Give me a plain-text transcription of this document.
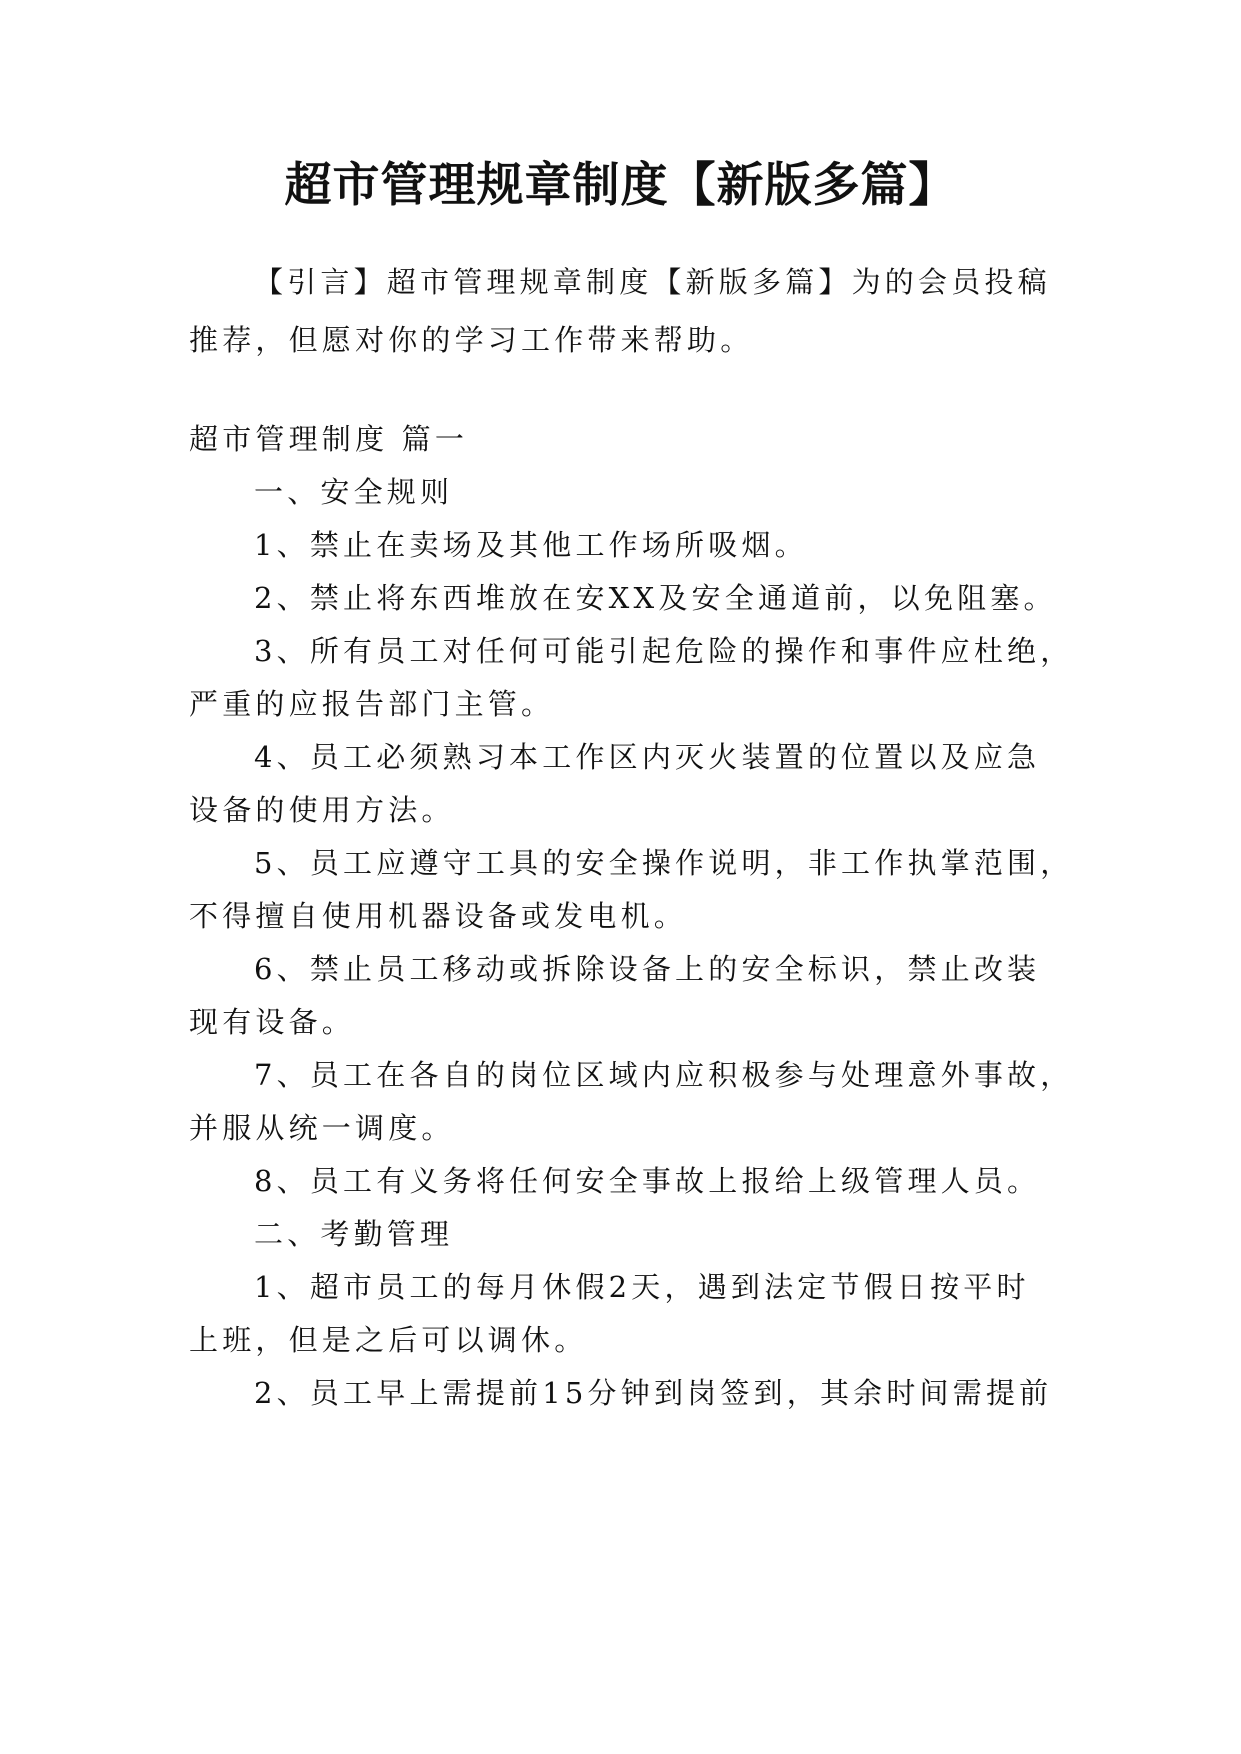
超市管理规章制度【新版多篇】

【引言】超市管理规章制度【新版多篇】为的会员投稿

推荐，但愿对你的学习工作带来帮助。

超市管理制度 篇一

一、安全规则

1、禁止在卖场及其他工作场所吸烟。

2、禁止将东西堆放在安XX及安全通道前，以免阻塞。

3、所有员工对任何可能引起危险的操作和事件应杜绝，

严重的应报告部门主管。

4、员工必须熟习本工作区内灭火装置的位置以及应急

设备的使用方法。

5、员工应遵守工具的安全操作说明，非工作执掌范围，

不得擅自使用机器设备或发电机。

6、禁止员工移动或拆除设备上的安全标识，禁止改装

现有设备。

7、员工在各自的岗位区域内应积极参与处理意外事故，

并服从统一调度。

8、员工有义务将任何安全事故上报给上级管理人员。

二、考勤管理

1、超市员工的每月休假2天，遇到法定节假日按平时

上班，但是之后可以调休。

2、员工早上需提前15分钟到岗签到，其余时间需提前
